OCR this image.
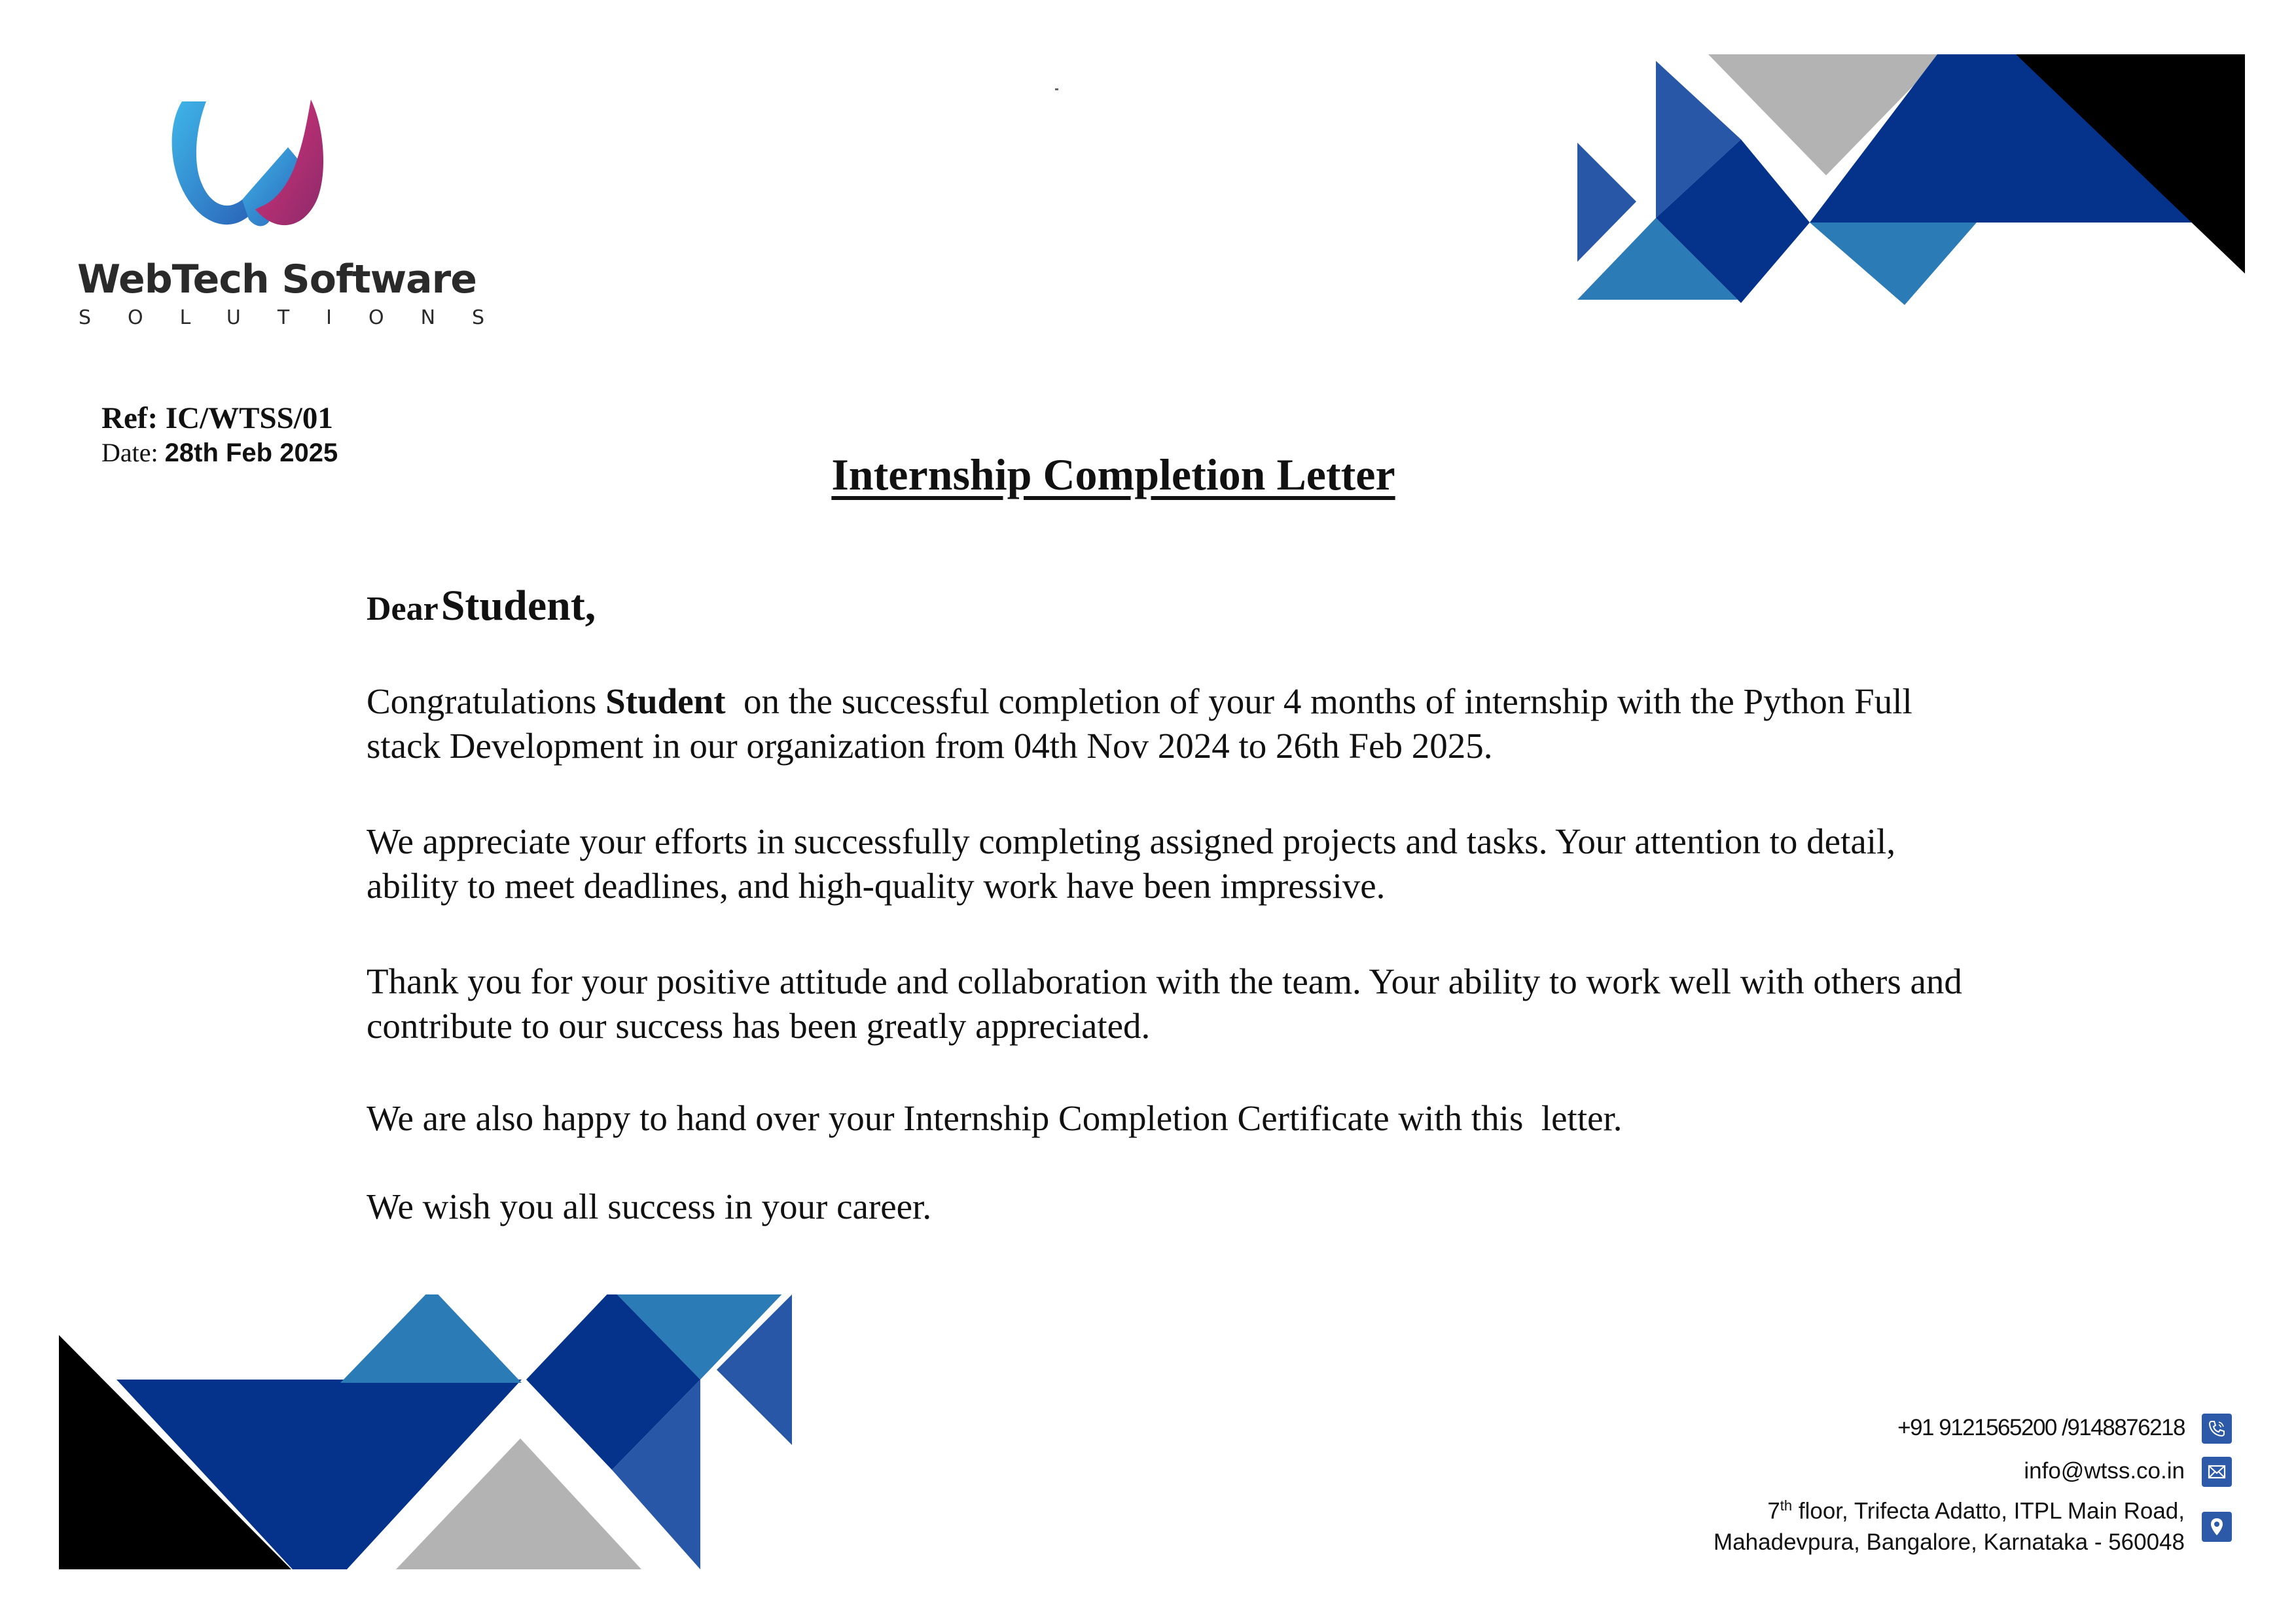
WebTech Software
SOLUTIONS
Ref: IC/WTSS/01
Date: 28th Feb 2025	Internship Completion Letter
Dear Student,
Congratulations Student  on the successful completion of your 4 months of internship with the Python Full stack Development in our organization from 04th Nov 2024 to 26th Feb 2025.
We appreciate your efforts in successfully completing assigned projects and tasks. Your attention to detail, ability to meet deadlines, and high-quality work have been impressive.
Thank you for your positive attitude and collaboration with the team. Your ability to work well with others and contribute to our success has been greatly appreciated.
We are also happy to hand over your Internship Completion Certificate with this  letter.
We wish you all success in your career.
+91 9121565200 /9148876218
info@wtss.co.in
7th floor, Trifecta Adatto, ITPL Main Road,
Mahadevpura, Bangalore, Karnataka - 560048
